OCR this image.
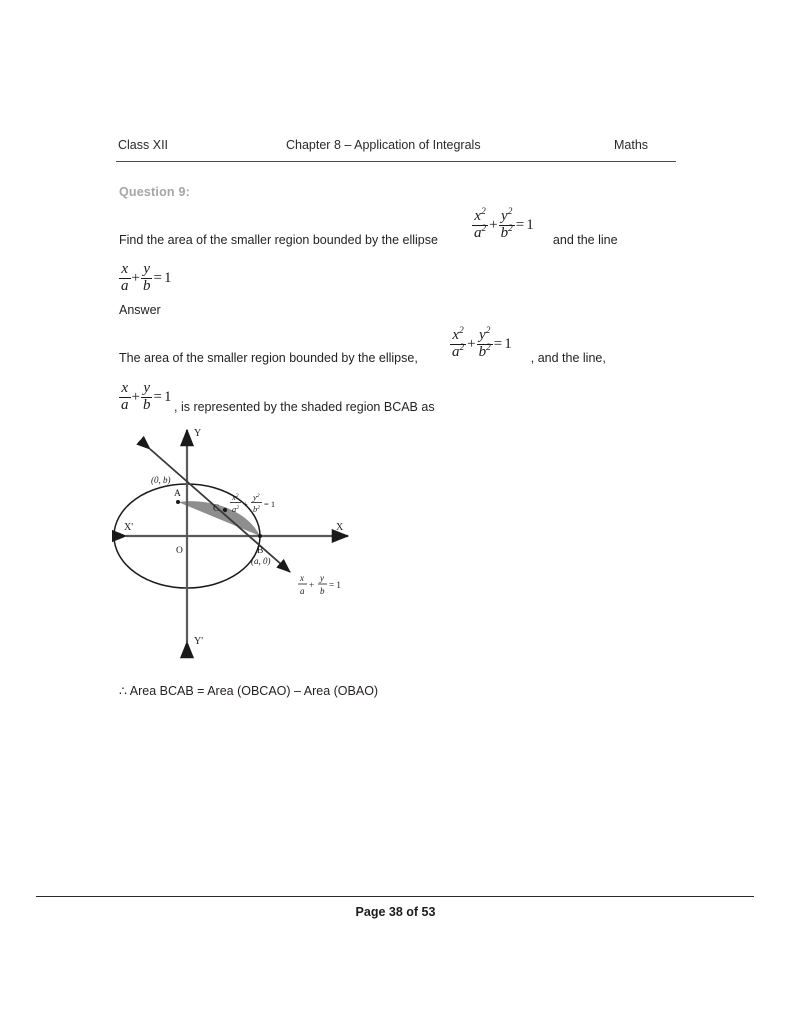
Class XII	Chapter 8 – Application of Integrals	Maths
Question 9:
Find the area of the smaller region bounded by the ellipse	and the line
$\frac{x^2}{a^2} + \frac{y^2}{b^2} = 1$
$\frac{x}{a} + \frac{y}{b} = 1$
Answer
The area of the smaller region bounded by the ellipse,	, and the line,
$\frac{x^2}{a^2} + \frac{y^2}{b^2} = 1$
$\frac{x}{a} + \frac{y}{b} = 1$
, is represented by the shaded region BCAB as
Y
Y'
X
X'
O
(0, b)
A
C
B
(a, 0)
$x^2$
$a^2$ +
$y^2$
$b^2 = 1$
x
a
+
y
b
= 1
∴ Area BCAB = Area (OBCAO) – Area (OBAO)
Page 38 of 53
